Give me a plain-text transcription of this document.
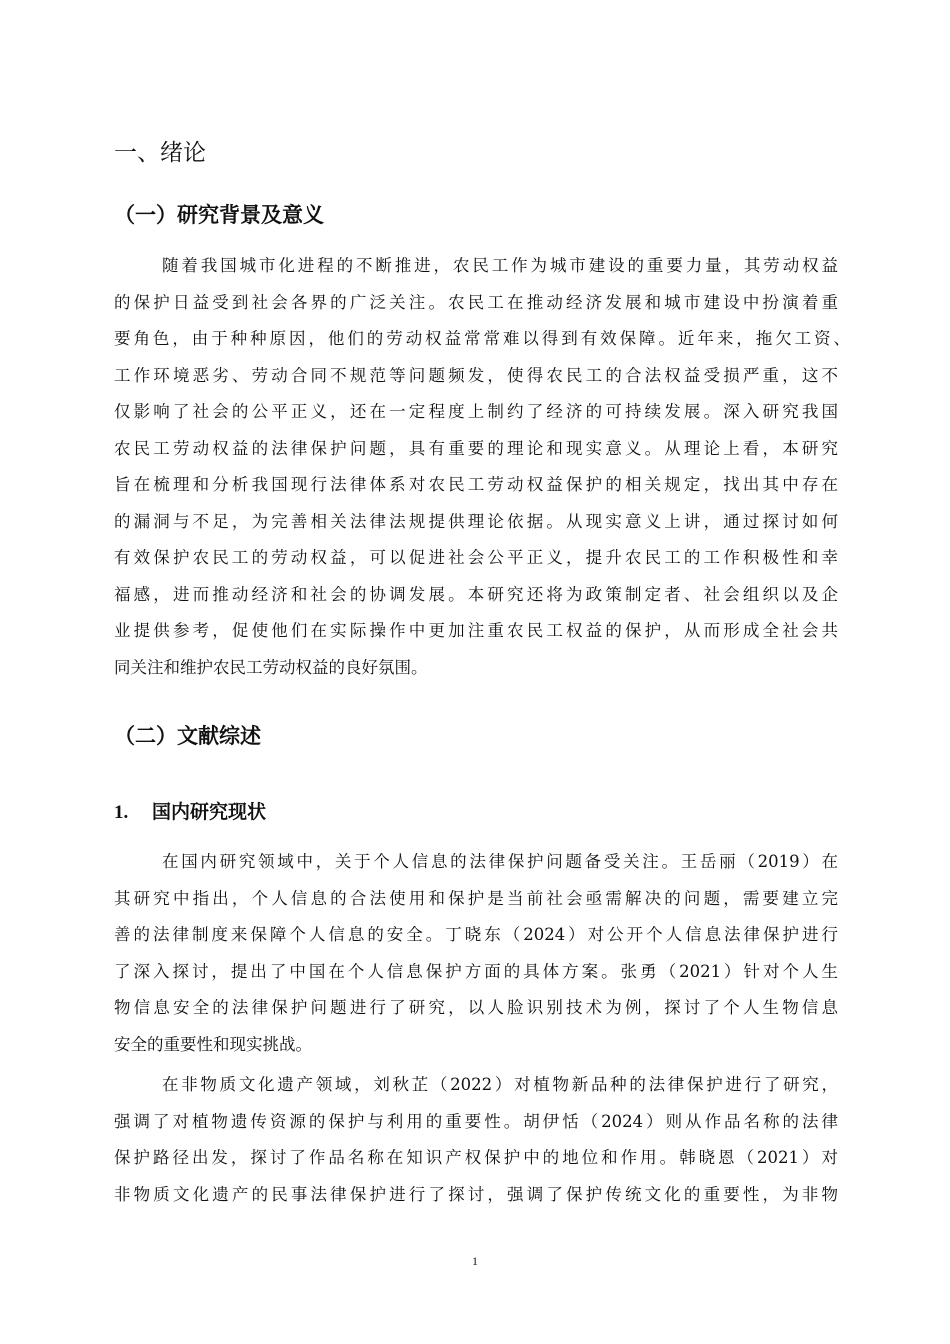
一、绪论
（一）研究背景及意义
随着我国城市化进程的不断推进，农民工作为城市建设的重要力量，其劳动权益
的保护日益受到社会各界的广泛关注。农民工在推动经济发展和城市建设中扮演着重
要角色，由于种种原因，他们的劳动权益常常难以得到有效保障。近年来，拖欠工资、
工作环境恶劣、劳动合同不规范等问题频发，使得农民工的合法权益受损严重，这不
仅影响了社会的公平正义，还在一定程度上制约了经济的可持续发展。深入研究我国
农民工劳动权益的法律保护问题，具有重要的理论和现实意义。从理论上看，本研究
旨在梳理和分析我国现行法律体系对农民工劳动权益保护的相关规定，找出其中存在
的漏洞与不足，为完善相关法律法规提供理论依据。从现实意义上讲，通过探讨如何
有效保护农民工的劳动权益，可以促进社会公平正义，提升农民工的工作积极性和幸
福感，进而推动经济和社会的协调发展。本研究还将为政策制定者、社会组织以及企
业提供参考，促使他们在实际操作中更加注重农民工权益的保护，从而形成全社会共
同关注和维护农民工劳动权益的良好氛围。
（二）文献综述
1. 国内研究现状
在国内研究领域中，关于个人信息的法律保护问题备受关注。王岳丽（2019）在
其研究中指出，个人信息的合法使用和保护是当前社会亟需解决的问题，需要建立完
善的法律制度来保障个人信息的安全。丁晓东（2024）对公开个人信息法律保护进行
了深入探讨，提出了中国在个人信息保护方面的具体方案。张勇（2021）针对个人生
物信息安全的法律保护问题进行了研究，以人脸识别技术为例，探讨了个人生物信息
安全的重要性和现实挑战。
在非物质文化遗产领域，刘秋芷（2022）对植物新品种的法律保护进行了研究，
强调了对植物遗传资源的保护与利用的重要性。胡伊恬（2024）则从作品名称的法律
保护路径出发，探讨了作品名称在知识产权保护中的地位和作用。韩晓恩（2021）对
非物质文化遗产的民事法律保护进行了探讨，强调了保护传统文化的重要性，为非物
1
